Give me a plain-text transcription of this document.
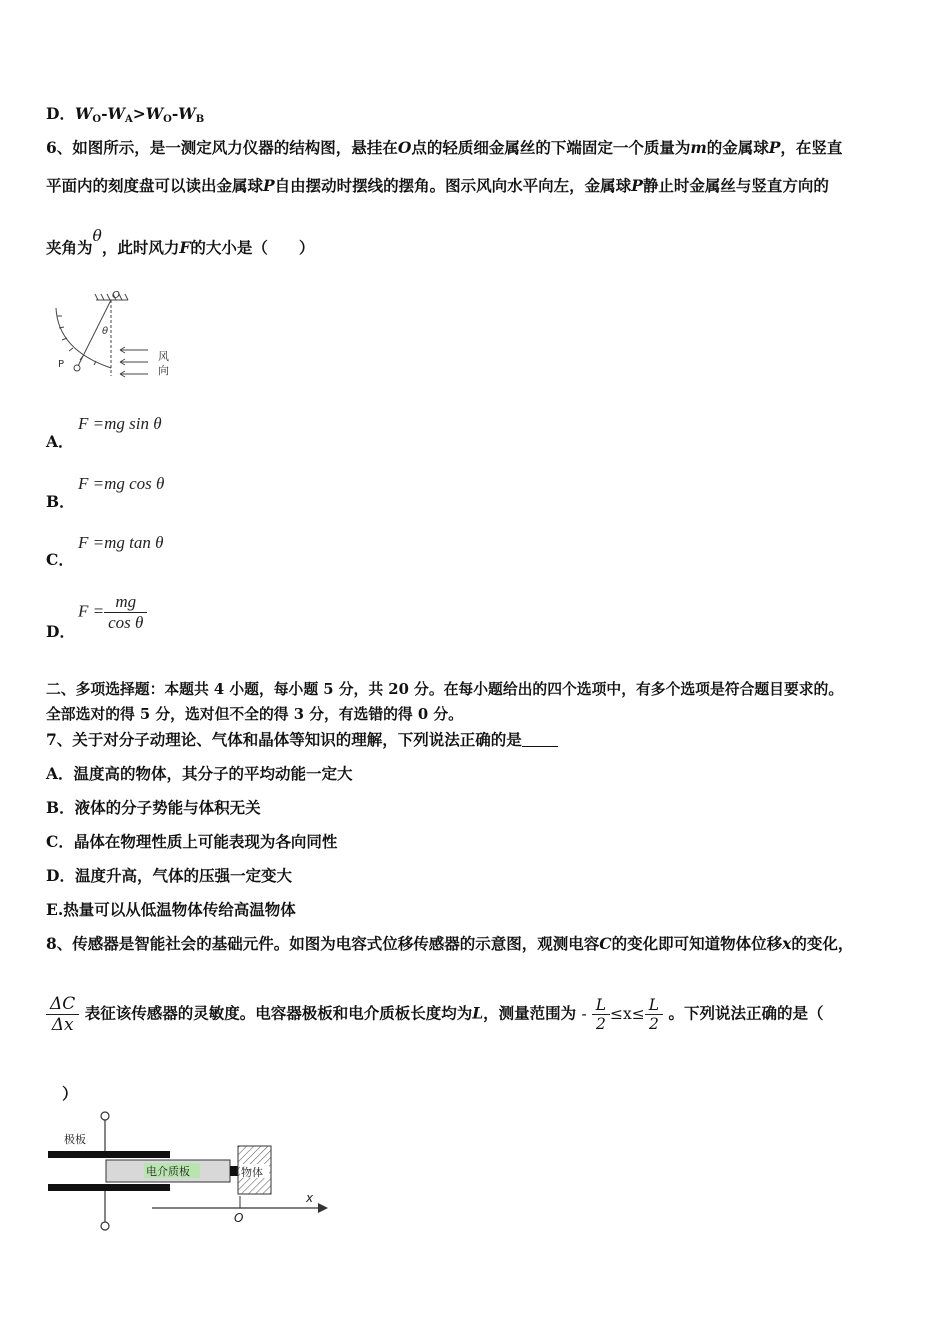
D．$W_O-W_A>W_O-W_B$
6、如图所示，是一测定风力仪器的结构图，悬挂在O点的轻质细金属丝的下端固定一个质量为m的金属球P，在竖直
平面内的刻度盘可以读出金属球P自由摆动时摆线的摆角。图示风向水平向左，金属球P静止时金属丝与竖直方向的
夹角为θ，此时风力F的大小是（　　）
O
θ
P
风
向
A．
F =mg sin θ
B．
F =mg cos θ
C．
F =mg tan θ
D．
$F = \frac{mg}{\text{cos θ}}$
二、多项选择题：本题共 4 小题，每小题 5 分，共 20 分。在每小题给出的四个选项中，有多个选项是符合题目要求的。
全部选对的得 5 分，选对但不全的得 3 分，有选错的得 0 分。
7、关于对分子动理论、气体和晶体等知识的理解，下列说法正确的是
A．温度高的物体，其分子的平均动能一定大
B．液体的分子势能与体积无关
C．晶体在物理性质上可能表现为各向同性
D．温度升高，气体的压强一定变大
E.热量可以从低温物体传给高温物体
8、传感器是智能社会的基础元件。如图为电容式位移传感器的示意图，观测电容C的变化即可知道物体位移x的变化，
$\frac{\Delta C}{\Delta x}$ 表征该传感器的灵敏度。电容器极板和电介质板长度均为L，测量范围为 - $\frac{L}{2} \le x\le \frac{L}{2}$ 。下列说法正确的是（
）
极板
电介质板	物体
x
O
